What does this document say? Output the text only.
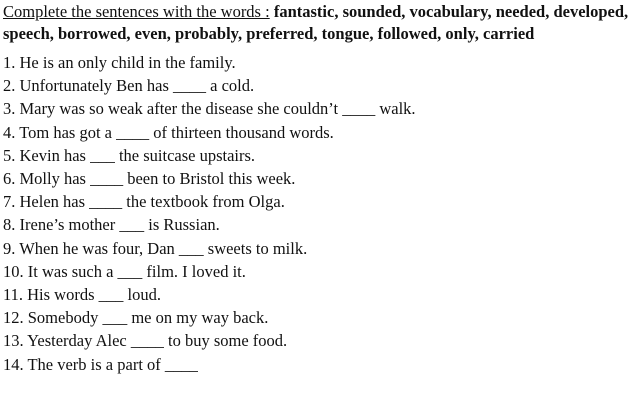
Complete the sentences with the words : fantastic, sounded, vocabulary, needed, developed, speech, borrowed, even, probably, preferred, tongue, followed, only, carried

1. He is an only child in the family.
2. Unfortunately Ben has ____ a cold.
3. Mary was so weak after the disease she couldn’t ____ walk.
4. Tom has got a ____ of thirteen thousand words.
5. Kevin has ___ the suitcase upstairs.
6. Molly has ____ been to Bristol this week.
7. Helen has ____ the textbook from Olga.
8. Irene’s mother ___ is Russian.
9. When he was four, Dan ___ sweets to milk.
10. It was such a ___ film. I loved it.
11. His words ___ loud.
12. Somebody ___ me on my way back.
13. Yesterday Alec ____ to buy some food.
14. The verb is a part of ____
